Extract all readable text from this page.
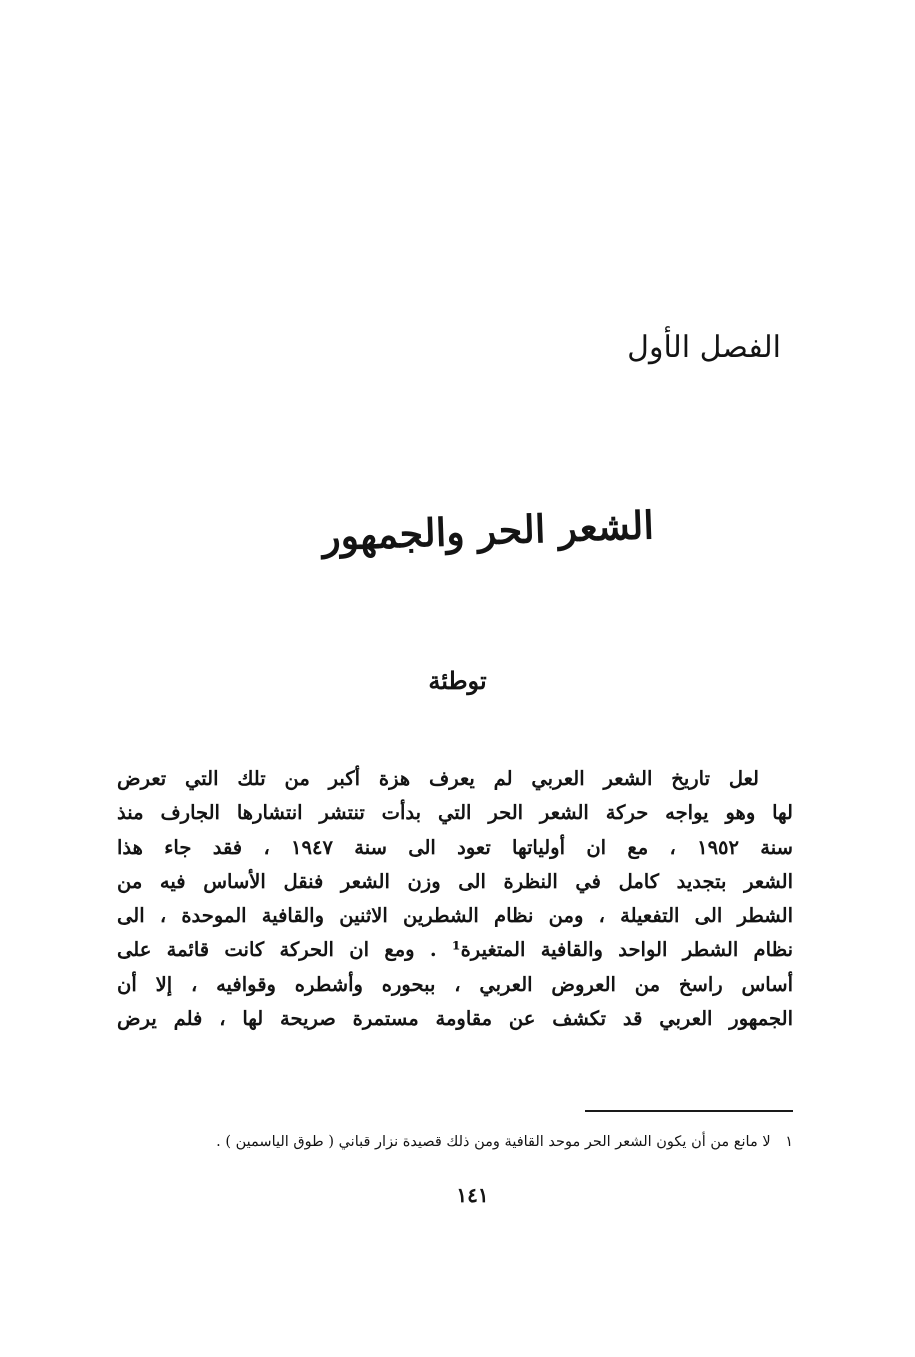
الفصل الأول
الشعر الحر والجمهور
توطئة

لعل تاريخ الشعر العربي لم يعرف هزة أكبر من تلك التي تعرض
لها وهو يواجه حركة الشعر الحر التي بدأت تنتشر انتشارها الجارف منذ
سنة ١٩٥٢ ، مع ان أولياتها تعود الى سنة ١٩٤٧ ، فقد جاء هذا
الشعر بتجديد كامل في النظرة الى وزن الشعر فنقل الأساس فيه من
الشطر الى التفعيلة ، ومن نظام الشطرين الاثنين والقافية الموحدة ، الى
نظام الشطر الواحد والقافية المتغيرة¹ . ومع ان الحركة كانت قائمة على
أساس راسخ من العروض العربي ، ببحوره وأشطره وقوافيه ، إلا أن
الجمهور العربي قد تكشف عن مقاومة مستمرة صريحة لها ، فلم يرض

١ لا مانع من أن يكون الشعر الحر موحد القافية ومن ذلك قصيدة نزار قباني ( طوق الياسمين ) .

١٤١
